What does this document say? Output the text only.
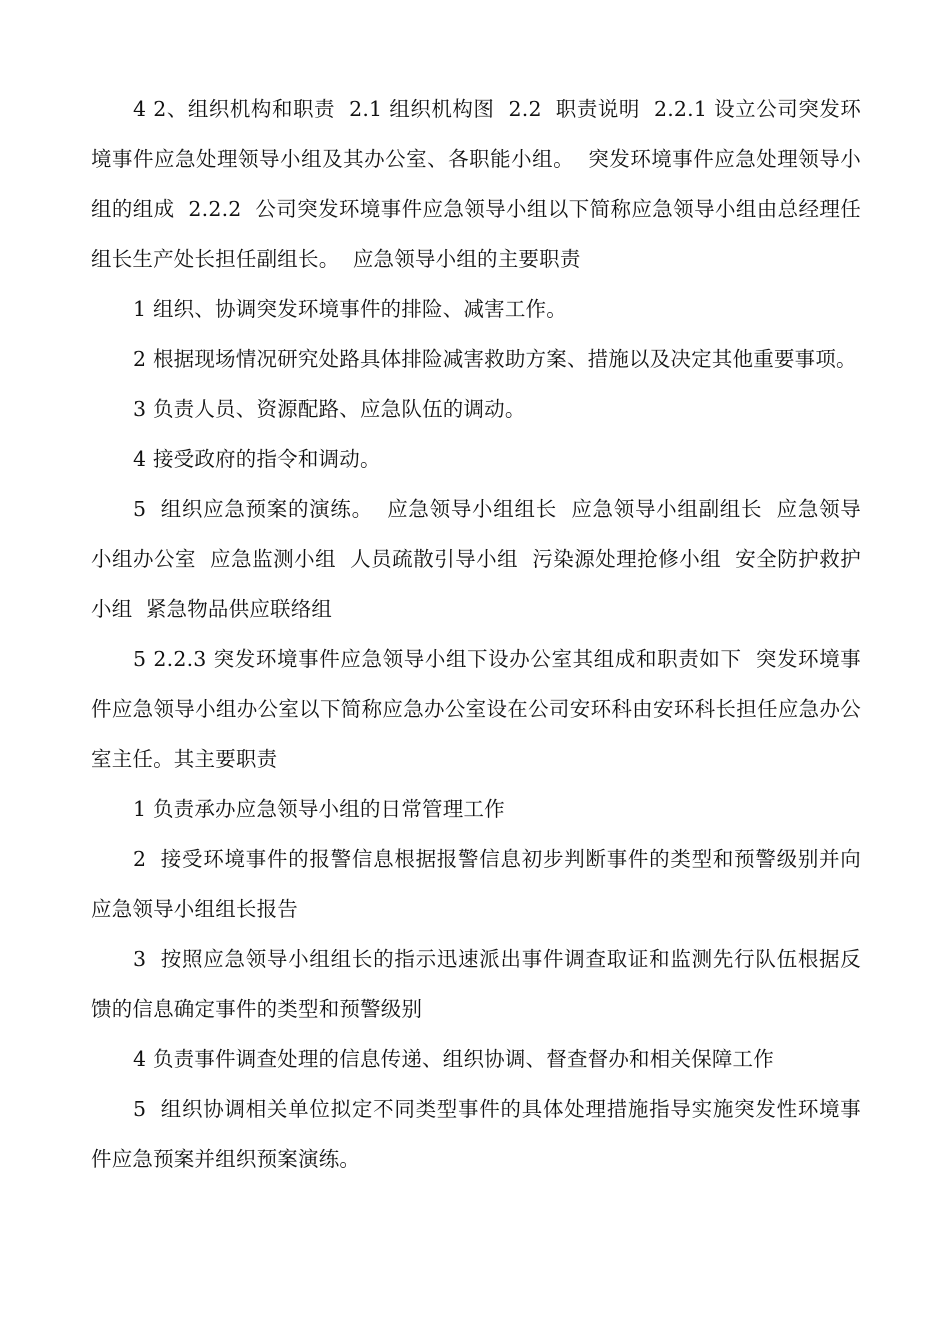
4 2、组织机构和职责  2.1 组织机构图  2.2  职责说明  2.2.1 设立公司突发环境事件应急处理领导小组及其办公室、各职能小组。  突发环境事件应急处理领导小组的组成  2.2.2  公司突发环境事件应急领导小组以下简称应急领导小组由总经理任组长生产处长担任副组长。  应急领导小组的主要职责

1 组织、协调突发环境事件的排险、减害工作。

2 根据现场情况研究处路具体排险减害救助方案、措施以及决定其他重要事项。

3 负责人员、资源配路、应急队伍的调动。

4 接受政府的指令和调动。

5  组织应急预案的演练。  应急领导小组组长  应急领导小组副组长  应急领导小组办公室  应急监测小组  人员疏散引导小组  污染源处理抢修小组  安全防护救护小组  紧急物品供应联络组

5 2.2.3 突发环境事件应急领导小组下设办公室其组成和职责如下  突发环境事件应急领导小组办公室以下简称应急办公室设在公司安环科由安环科长担任应急办公室主任。其主要职责

1 负责承办应急领导小组的日常管理工作

2  接受环境事件的报警信息根据报警信息初步判断事件的类型和预警级别并向应急领导小组组长报告

3  按照应急领导小组组长的指示迅速派出事件调查取证和监测先行队伍根据反馈的信息确定事件的类型和预警级别

4 负责事件调查处理的信息传递、组织协调、督查督办和相关保障工作

5  组织协调相关单位拟定不同类型事件的具体处理措施指导实施突发性环境事件应急预案并组织预案演练。
